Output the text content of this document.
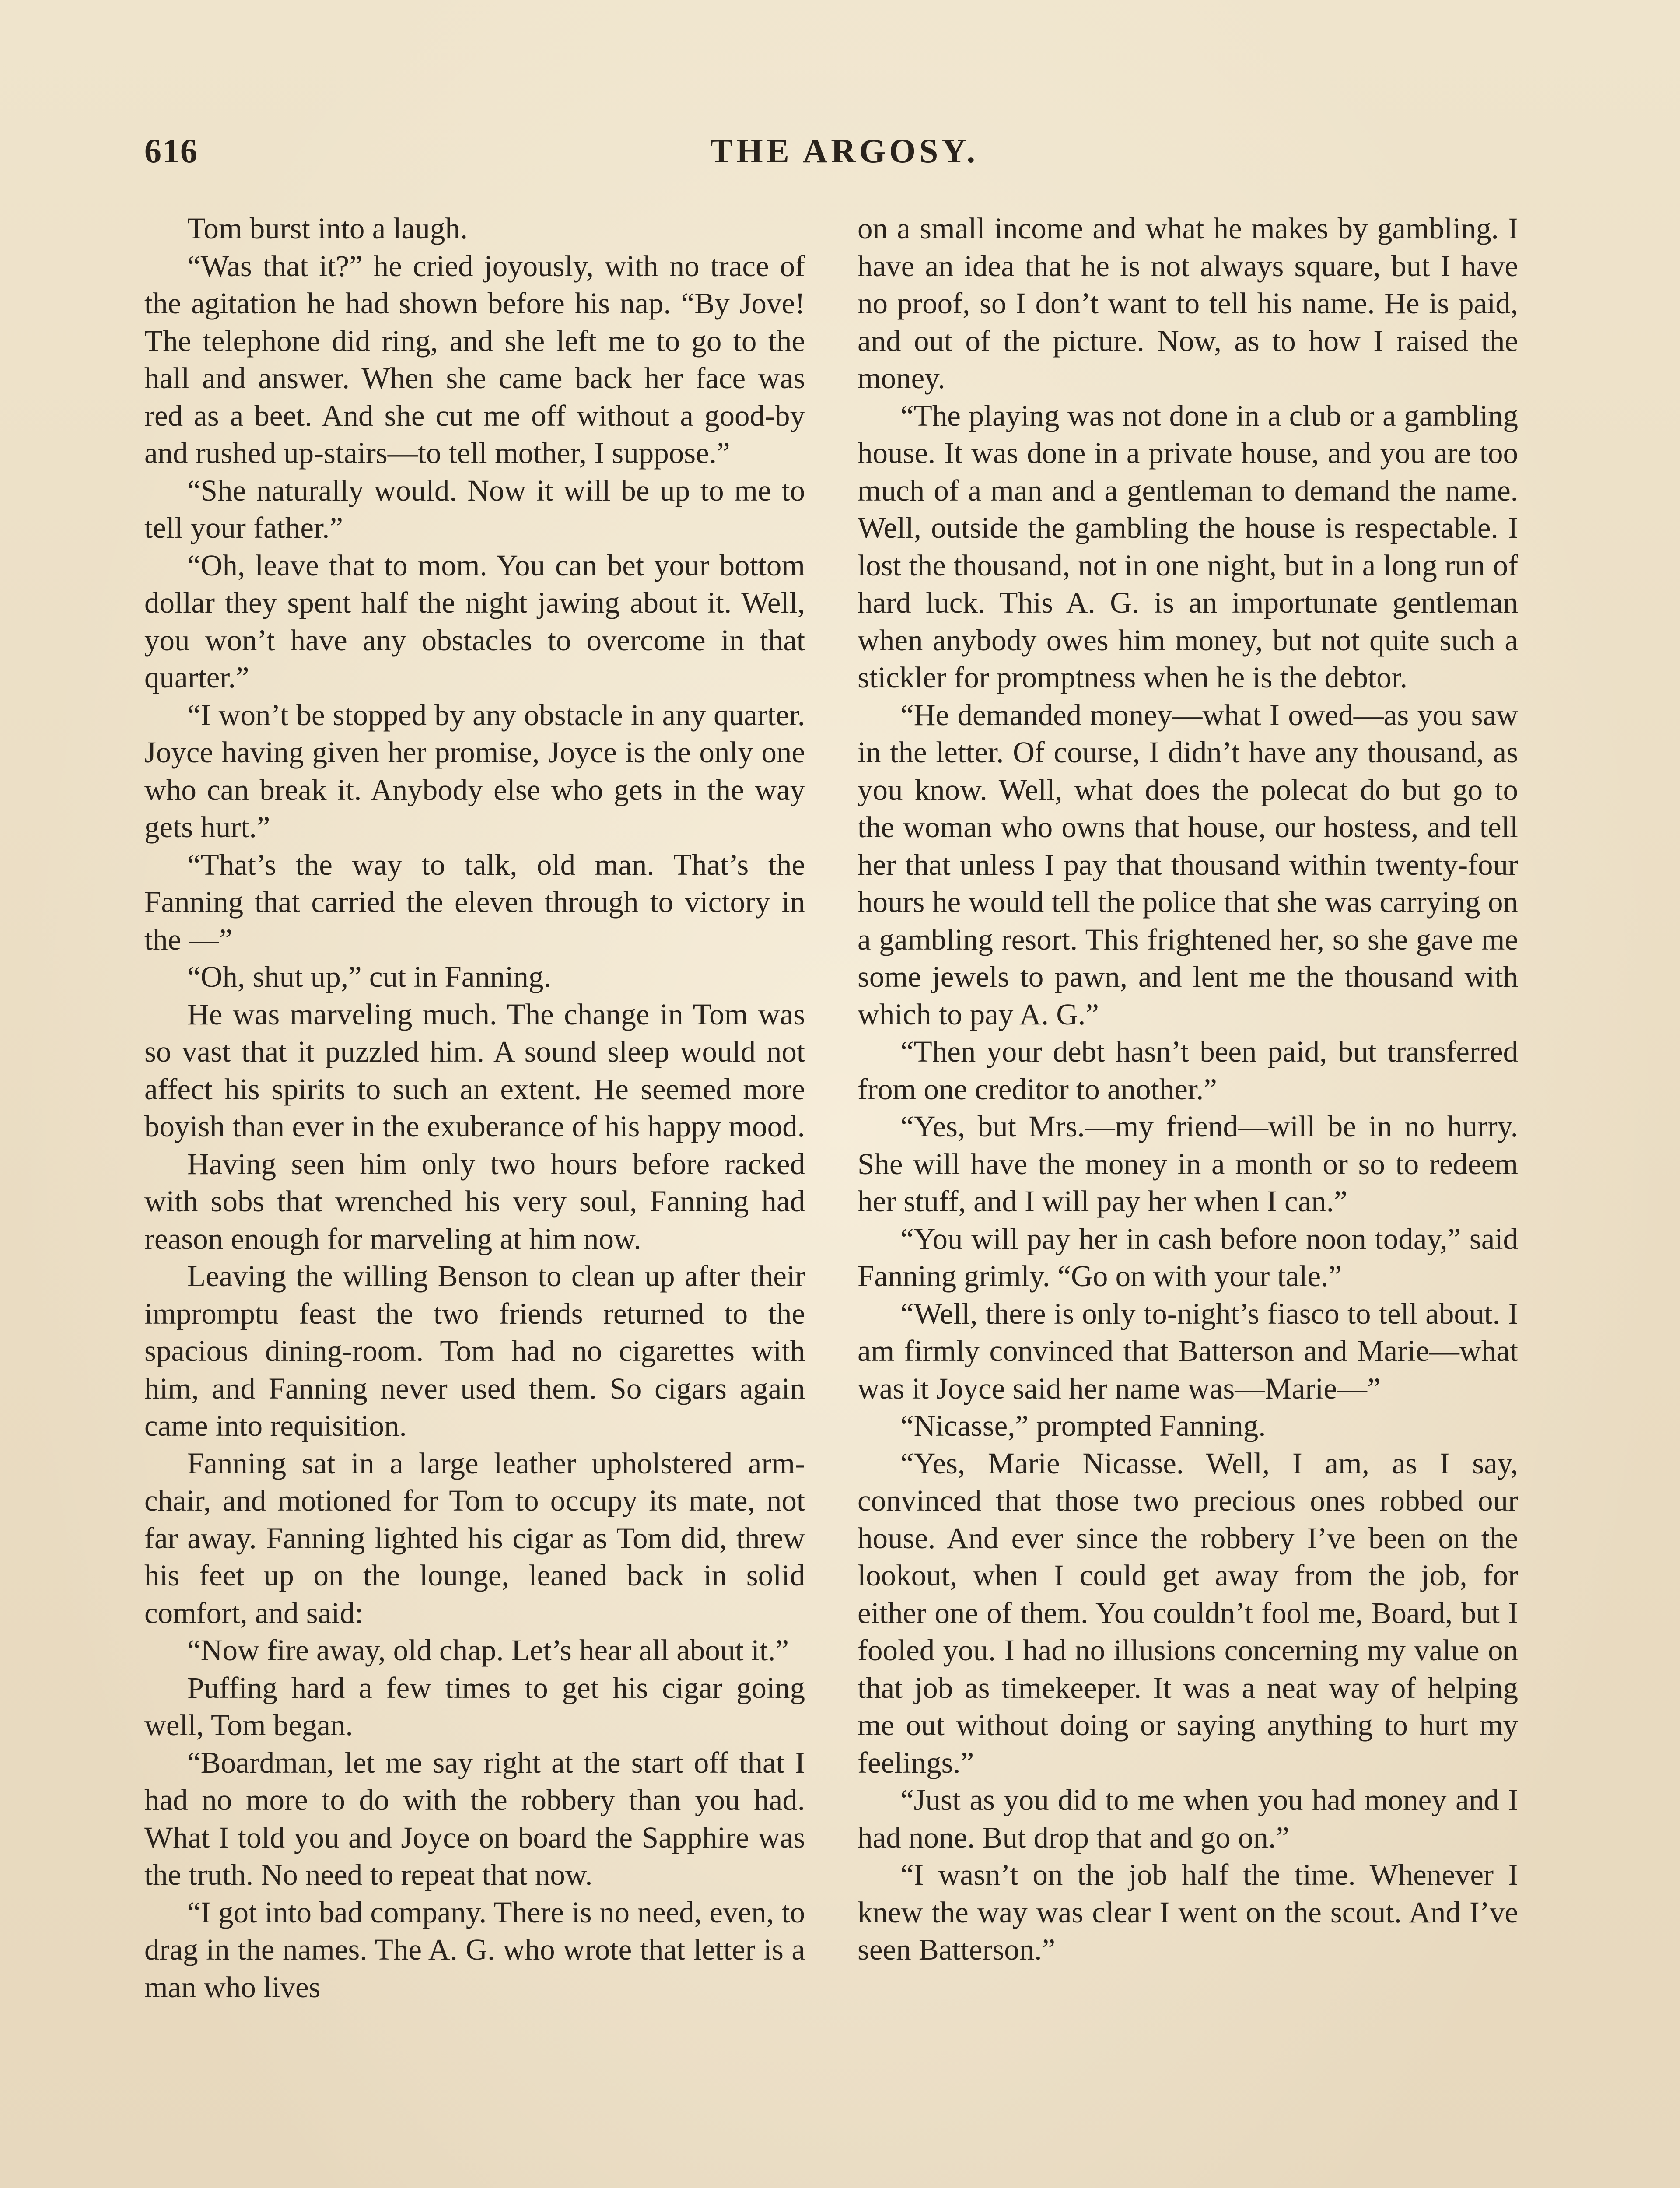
616	THE ARGOSY.

Tom burst into a laugh.

“Was that it?” he cried joyously, with no trace of the agitation he had shown before his nap. “By Jove! The telephone did ring, and she left me to go to the hall and answer. When she came back her face was red as a beet. And she cut me off without a good-by and rushed up-stairs—to tell mother, I suppose.”

“She naturally would. Now it will be up to me to tell your father.”

“Oh, leave that to mom. You can bet your bottom dollar they spent half the night jawing about it. Well, you won’t have any obstacles to overcome in that quarter.”

“I won’t be stopped by any obstacle in any quarter. Joyce having given her promise, Joyce is the only one who can break it. Anybody else who gets in the way gets hurt.”

“That’s the way to talk, old man. That’s the Fanning that carried the eleven through to victory in the —”

“Oh, shut up,” cut in Fanning.

He was marveling much. The change in Tom was so vast that it puzzled him. A sound sleep would not affect his spirits to such an extent. He seemed more boyish than ever in the exuberance of his happy mood.

Having seen him only two hours before racked with sobs that wrenched his very soul, Fanning had reason enough for marveling at him now.

Leaving the willing Benson to clean up after their impromptu feast the two friends returned to the spacious dining-room. Tom had no cigarettes with him, and Fanning never used them. So cigars again came into requisition.

Fanning sat in a large leather upholstered arm-chair, and motioned for Tom to occupy its mate, not far away. Fanning lighted his cigar as Tom did, threw his feet up on the lounge, leaned back in solid comfort, and said:

“Now fire away, old chap. Let’s hear all about it.”

Puffing hard a few times to get his cigar going well, Tom began.

“Boardman, let me say right at the start off that I had no more to do with the robbery than you had. What I told you and Joyce on board the Sapphire was the truth. No need to repeat that now.

“I got into bad company. There is no need, even, to drag in the names. The A. G. who wrote that letter is a man who lives

on a small income and what he makes by gambling. I have an idea that he is not always square, but I have no proof, so I don’t want to tell his name. He is paid, and out of the picture. Now, as to how I raised the money.

“The playing was not done in a club or a gambling house. It was done in a private house, and you are too much of a man and a gentleman to demand the name. Well, outside the gambling the house is respectable. I lost the thousand, not in one night, but in a long run of hard luck. This A. G. is an importunate gentleman when anybody owes him money, but not quite such a stickler for promptness when he is the debtor.

“He demanded money—what I owed—as you saw in the letter. Of course, I didn’t have any thousand, as you know. Well, what does the polecat do but go to the woman who owns that house, our hostess, and tell her that unless I pay that thousand within twenty-four hours he would tell the police that she was carrying on a gambling resort. This frightened her, so she gave me some jewels to pawn, and lent me the thousand with which to pay A. G.”

“Then your debt hasn’t been paid, but transferred from one creditor to another.”

“Yes, but Mrs.—my friend—will be in no hurry. She will have the money in a month or so to redeem her stuff, and I will pay her when I can.”

“You will pay her in cash before noon today,” said Fanning grimly. “Go on with your tale.”

“Well, there is only to-night’s fiasco to tell about. I am firmly convinced that Batterson and Marie—what was it Joyce said her name was—Marie—”

“Nicasse,” prompted Fanning.

“Yes, Marie Nicasse. Well, I am, as I say, convinced that those two precious ones robbed our house. And ever since the robbery I’ve been on the lookout, when I could get away from the job, for either one of them. You couldn’t fool me, Board, but I fooled you. I had no illusions concerning my value on that job as timekeeper. It was a neat way of helping me out without doing or saying anything to hurt my feelings.”

“Just as you did to me when you had money and I had none. But drop that and go on.”

“I wasn’t on the job half the time. Whenever I knew the way was clear I went on the scout. And I’ve seen Batterson.”
